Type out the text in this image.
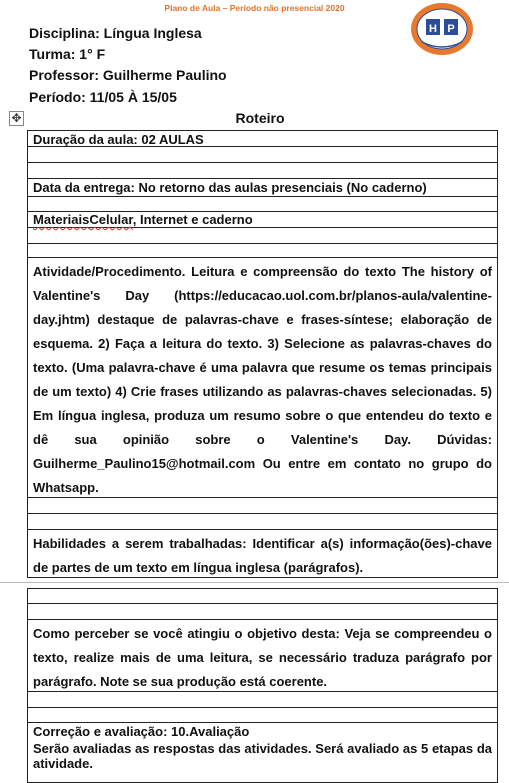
Plano de Aula – Período não presencial 2020
H P
Disciplina: Língua Inglesa
Turma: 1° F
Professor: Guilherme Paulino
Período: 11/05 À 15/05
✥	Roteiro
Duração da aula: 02 AULAS
Data da entrega: No retorno das aulas presenciais (No caderno)
MateriaisCelular, Internet e caderno
Atividade/Procedimento. Leitura e compreensão do texto The history of Valentine's Day (https://educacao.uol.com.br/planos-aula/valentine-day.jhtm) destaque de palavras-chave e frases-síntese; elaboração de esquema. 2) Faça a leitura do texto. 3) Selecione as palavras-chaves do texto. (Uma palavra-chave é uma palavra que resume os temas principais de um texto) 4) Crie frases utilizando as palavras-chaves selecionadas. 5) Em língua inglesa, produza um resumo sobre o que entendeu do texto e dê sua opinião sobre o Valentine's Day. Dúvidas: Guilherme_Paulino15@hotmail.com Ou entre em contato no grupo do Whatsapp.
Habilidades a serem trabalhadas: Identificar a(s) informação(ões)-chave de partes de um texto em língua inglesa (parágrafos).
Como perceber se você atingiu o objetivo desta: Veja se compreendeu o texto, realize mais de uma leitura, se necessário traduza parágrafo por parágrafo. Note se sua produção está coerente.
Correção e avaliação: 10.Avaliação
Serão avaliadas as respostas das atividades. Será avaliado as 5 etapas da atividade.
